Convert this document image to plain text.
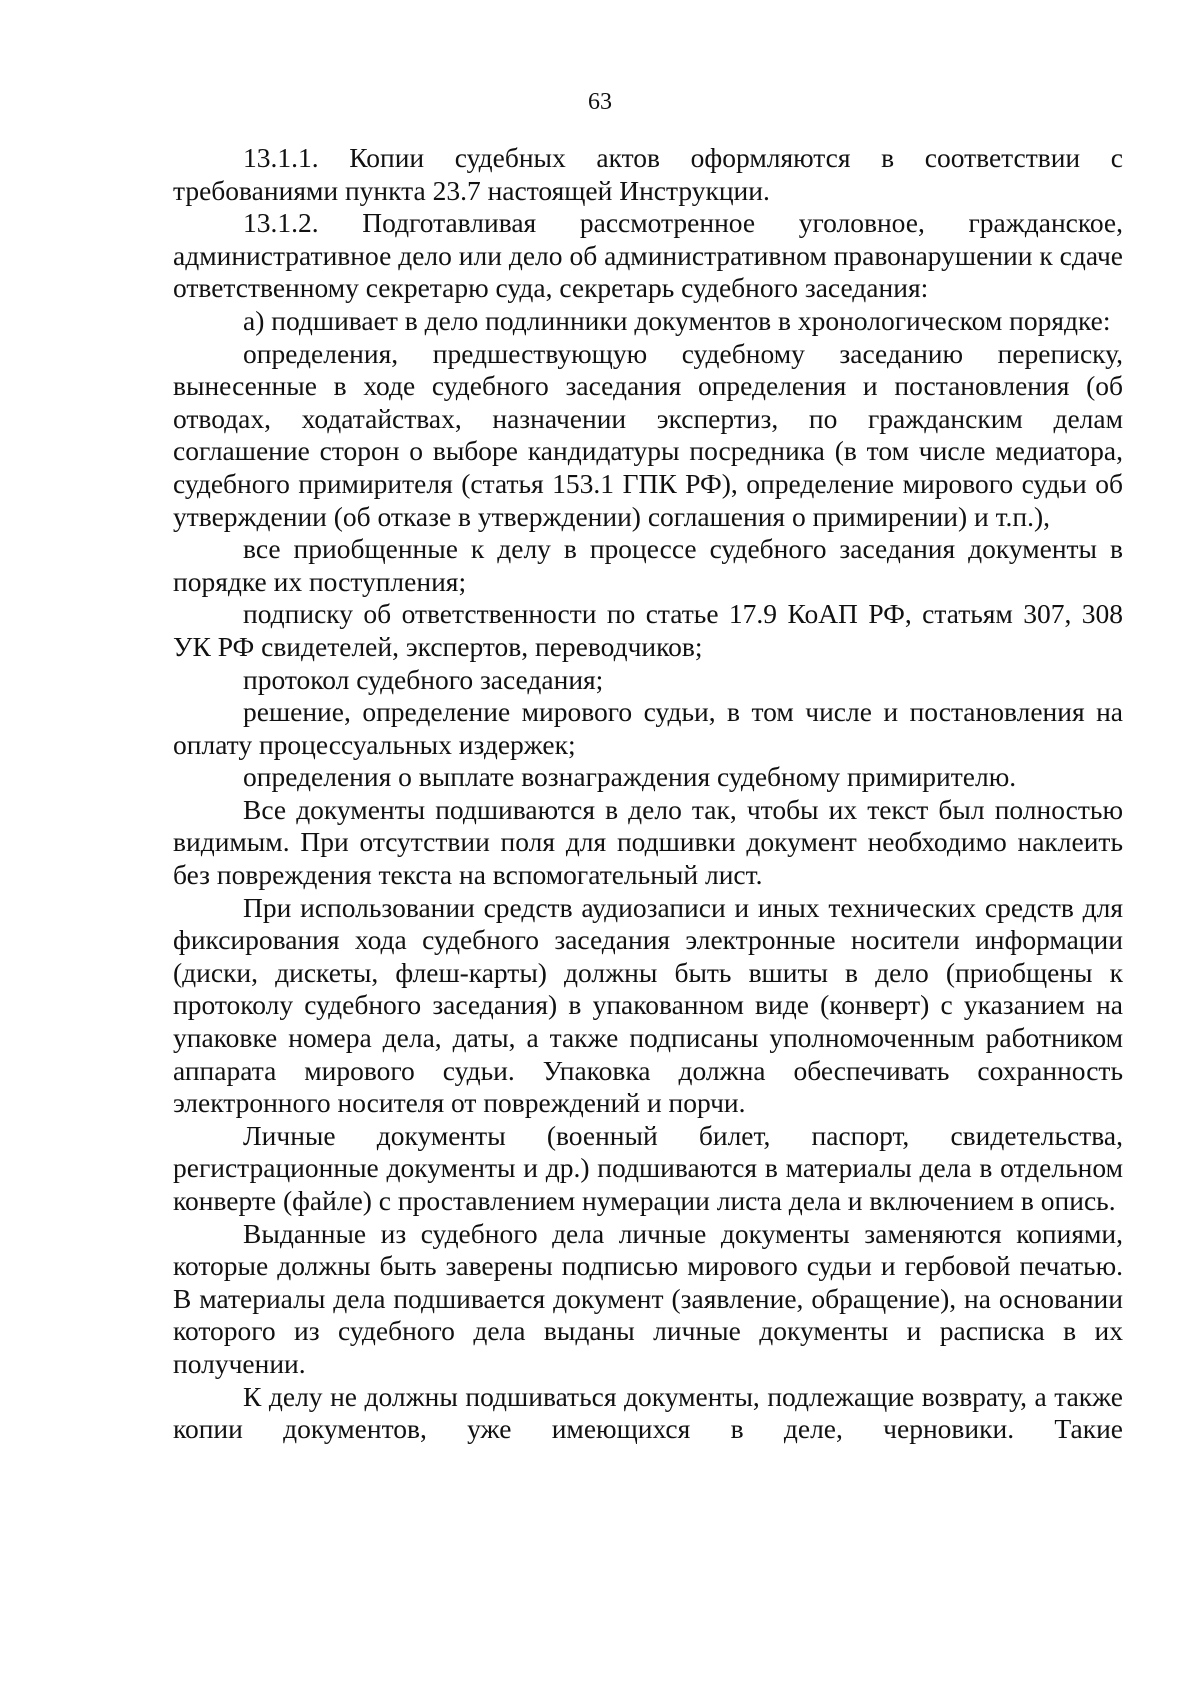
63

13.1.1. Копии судебных актов оформляются в соответствии с требованиями пункта 23.7 настоящей Инструкции.

13.1.2. Подготавливая рассмотренное уголовное, гражданское, административное дело или дело об административном правонарушении к сдаче ответственному секретарю суда, секретарь судебного заседания:

а) подшивает в дело подлинники документов в хронологическом порядке:

определения, предшествующую судебному заседанию переписку, вынесенные в ходе судебного заседания определения и постановления (об отводах, ходатайствах, назначении экспертиз, по гражданским делам соглашение сторон о выборе кандидатуры посредника (в том числе медиатора, судебного примирителя (статья 153.1 ГПК РФ), определение мирового судьи об утверждении (об отказе в утверждении) соглашения о примирении) и т.п.),

все приобщенные к делу в процессе судебного заседания документы в порядке их поступления;

подписку об ответственности по статье 17.9 КоАП РФ, статьям 307, 308 УК РФ свидетелей, экспертов, переводчиков;

протокол судебного заседания;

решение, определение мирового судьи, в том числе и постановления на оплату процессуальных издержек;

определения о выплате вознаграждения судебному примирителю.

Все документы подшиваются в дело так, чтобы их текст был полностью видимым. При отсутствии поля для подшивки документ необходимо наклеить без повреждения текста на вспомогательный лист.

При использовании средств аудиозаписи и иных технических средств для фиксирования хода судебного заседания электронные носители информации (диски, дискеты, флеш-карты) должны быть вшиты в дело (приобщены к протоколу судебного заседания) в упакованном виде (конверт) с указанием на упаковке номера дела, даты, а также подписаны уполномоченным работником аппарата мирового судьи. Упаковка должна обеспечивать сохранность электронного носителя от повреждений и порчи.

Личные документы (военный билет, паспорт, свидетельства, регистрационные документы и др.) подшиваются в материалы дела в отдельном конверте (файле) с проставлением нумерации листа дела и включением в опись.

Выданные из судебного дела личные документы заменяются копиями, которые должны быть заверены подписью мирового судьи и гербовой печатью. В материалы дела подшивается документ (заявление, обращение), на основании которого из судебного дела выданы личные документы и расписка в их получении.

К делу не должны подшиваться документы, подлежащие возврату, а также копии документов, уже имеющихся в деле, черновики. Такие
